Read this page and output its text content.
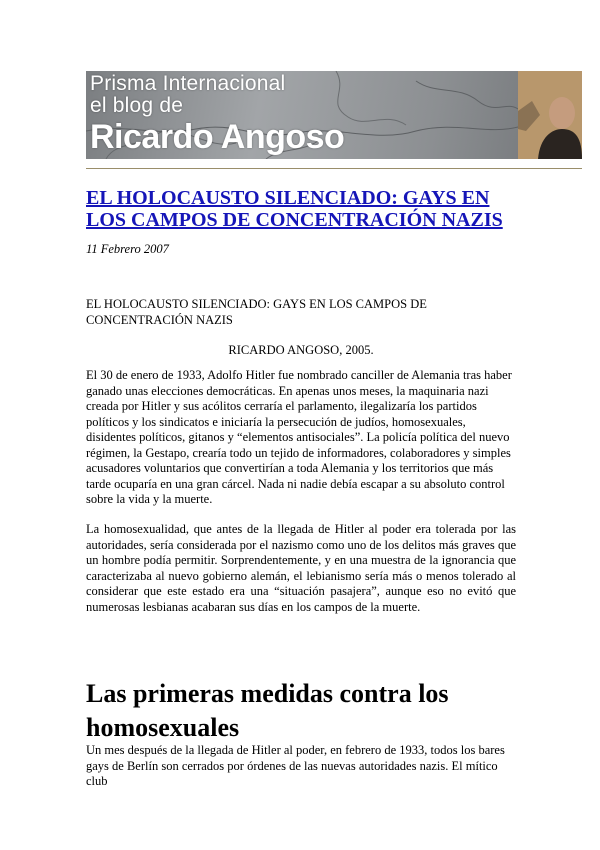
Prisma Internacional
el blog de
Ricardo Angoso
EL HOLOCAUSTO SILENCIADO: GAYS EN LOS CAMPOS DE CONCENTRACIÓN NAZIS
11 Febrero 2007

EL HOLOCAUSTO SILENCIADO: GAYS EN LOS CAMPOS DE CONCENTRACIÓN NAZIS

RICARDO ANGOSO, 2005.

El 30 de enero de 1933, Adolfo Hitler fue nombrado canciller de Alemania tras haber ganado unas elecciones democráticas. En apenas unos meses, la maquinaria nazi creada por Hitler y sus acólitos cerraría el parlamento, ilegalizaría los partidos políticos y los sindicatos e iniciaría la persecución de judíos, homosexuales, disidentes políticos, gitanos y “elementos antisociales”. La policía política del nuevo régimen, la Gestapo, crearía todo un tejido de informadores, colaboradores y simples acusadores voluntarios que convertirían a toda Alemania y los territorios que más tarde ocuparía en una gran cárcel. Nada ni nadie debía escapar a su absoluto control sobre la vida y la muerte.

La homosexualidad, que antes de la llegada de Hitler al poder era tolerada por las autoridades, sería considerada por el nazismo como uno de los delitos más graves que un hombre podía permitir. Sorprendentemente, y en una muestra de la ignorancia que caracterizaba al nuevo gobierno alemán, el lebianismo sería más o menos tolerado al considerar que este estado era una “situación pasajera”, aunque eso no evitó que numerosas lesbianas acabaran sus días en los campos de la muerte.

Las primeras medidas contra los homosexuales

Un mes después de la llegada de Hitler al poder, en febrero de 1933, todos los bares gays de Berlín son cerrados por órdenes de las nuevas autoridades nazis. El mítico club
